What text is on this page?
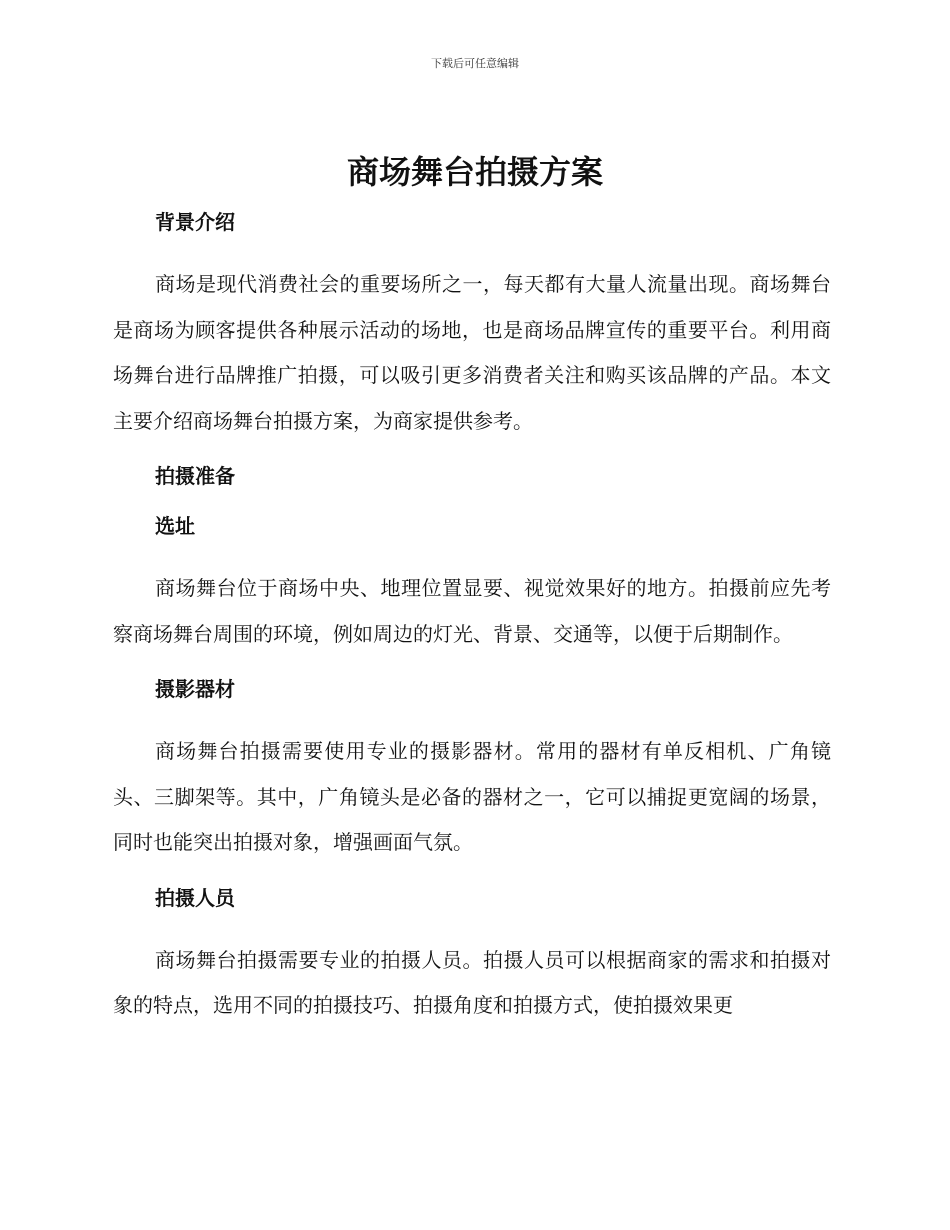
下载后可任意编辑
商场舞台拍摄方案
背景介绍

商场是现代消费社会的重要场所之一，每天都有大量人流量出现。商场舞台是商场为顾客提供各种展示活动的场地，也是商场品牌宣传的重要平台。利用商场舞台进行品牌推广拍摄，可以吸引更多消费者关注和购买该品牌的产品。本文主要介绍商场舞台拍摄方案，为商家提供参考。

拍摄准备
选址

商场舞台位于商场中央、地理位置显要、视觉效果好的地方。拍摄前应先考察商场舞台周围的环境，例如周边的灯光、背景、交通等，以便于后期制作。

摄影器材

商场舞台拍摄需要使用专业的摄影器材。常用的器材有单反相机、广角镜头、三脚架等。其中，广角镜头是必备的器材之一，它可以捕捉更宽阔的场景，同时也能突出拍摄对象，增强画面气氛。

拍摄人员

商场舞台拍摄需要专业的拍摄人员。拍摄人员可以根据商家的需求和拍摄对象的特点，选用不同的拍摄技巧、拍摄角度和拍摄方式，使拍摄效果更
